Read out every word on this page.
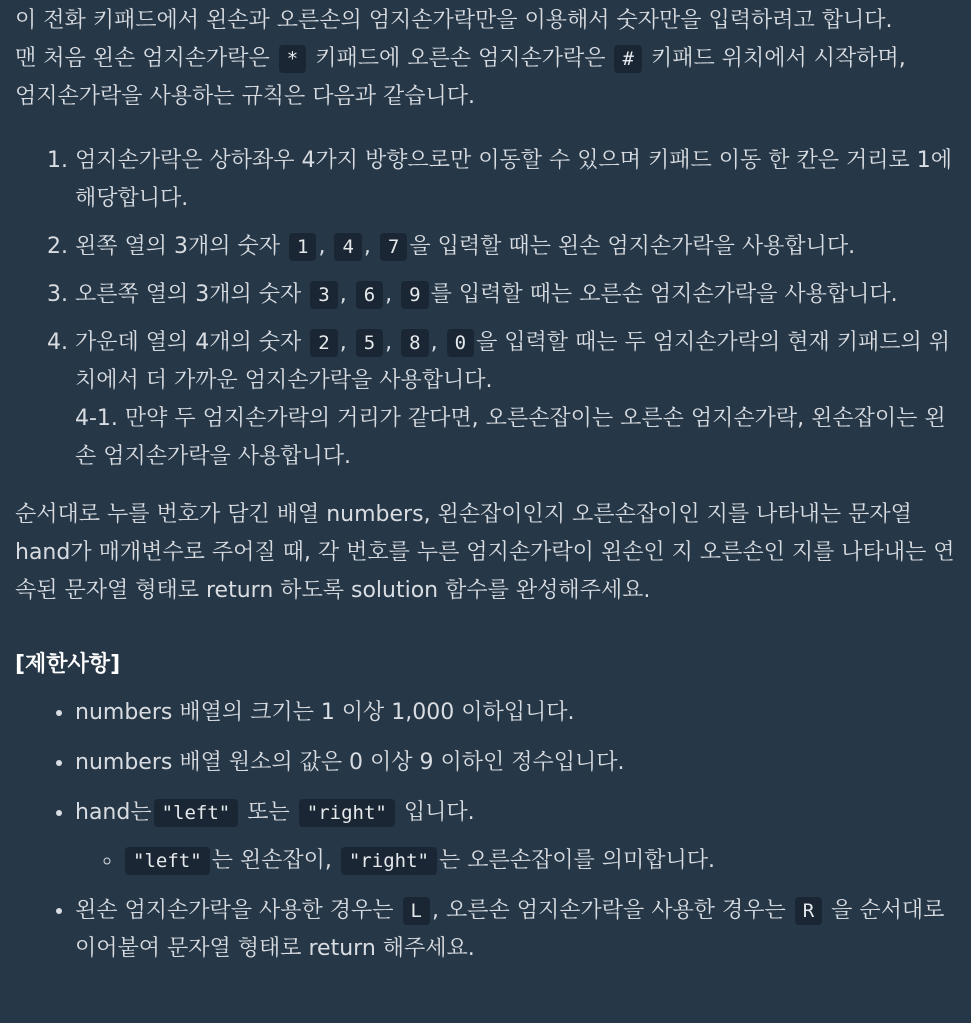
이 전화 키패드에서 왼손과 오른손의 엄지손가락만을 이용해서 숫자만을 입력하려고 합니다.
맨 처음 왼손 엄지손가락은 * 키패드에 오른손 엄지손가락은 # 키패드 위치에서 시작하며,
엄지손가락을 사용하는 규칙은 다음과 같습니다.

1. 엄지손가락은 상하좌우 4가지 방향으로만 이동할 수 있으며 키패드 이동 한 칸은 거리로 1에 해당합니다.
2. 왼쪽 열의 3개의 숫자 1 , 4 , 7 을 입력할 때는 왼손 엄지손가락을 사용합니다.
3. 오른쪽 열의 3개의 숫자 3 , 6 , 9 를 입력할 때는 오른손 엄지손가락을 사용합니다.
4. 가운데 열의 4개의 숫자 2 , 5 , 8 , 0 을 입력할 때는 두 엄지손가락의 현재 키패드의 위치에서 더 가까운 엄지손가락을 사용합니다.
4-1. 만약 두 엄지손가락의 거리가 같다면, 오른손잡이는 오른손 엄지손가락, 왼손잡이는 왼손 엄지손가락을 사용합니다.

순서대로 누를 번호가 담긴 배열 numbers, 왼손잡이인지 오른손잡이인 지를 나타내는 문자열 hand가 매개변수로 주어질 때, 각 번호를 누른 엄지손가락이 왼손인 지 오른손인 지를 나타내는 연속된 문자열 형태로 return 하도록 solution 함수를 완성해주세요.

[제한사항]

• numbers 배열의 크기는 1 이상 1,000 이하입니다.
• numbers 배열 원소의 값은 0 이상 9 이하인 정수입니다.
• hand는 "left" 또는 "right" 입니다.
◦ "left" 는 왼손잡이, "right" 는 오른손잡이를 의미합니다.
• 왼손 엄지손가락을 사용한 경우는 L , 오른손 엄지손가락을 사용한 경우는 R 을 순서대로 이어붙여 문자열 형태로 return 해주세요.
